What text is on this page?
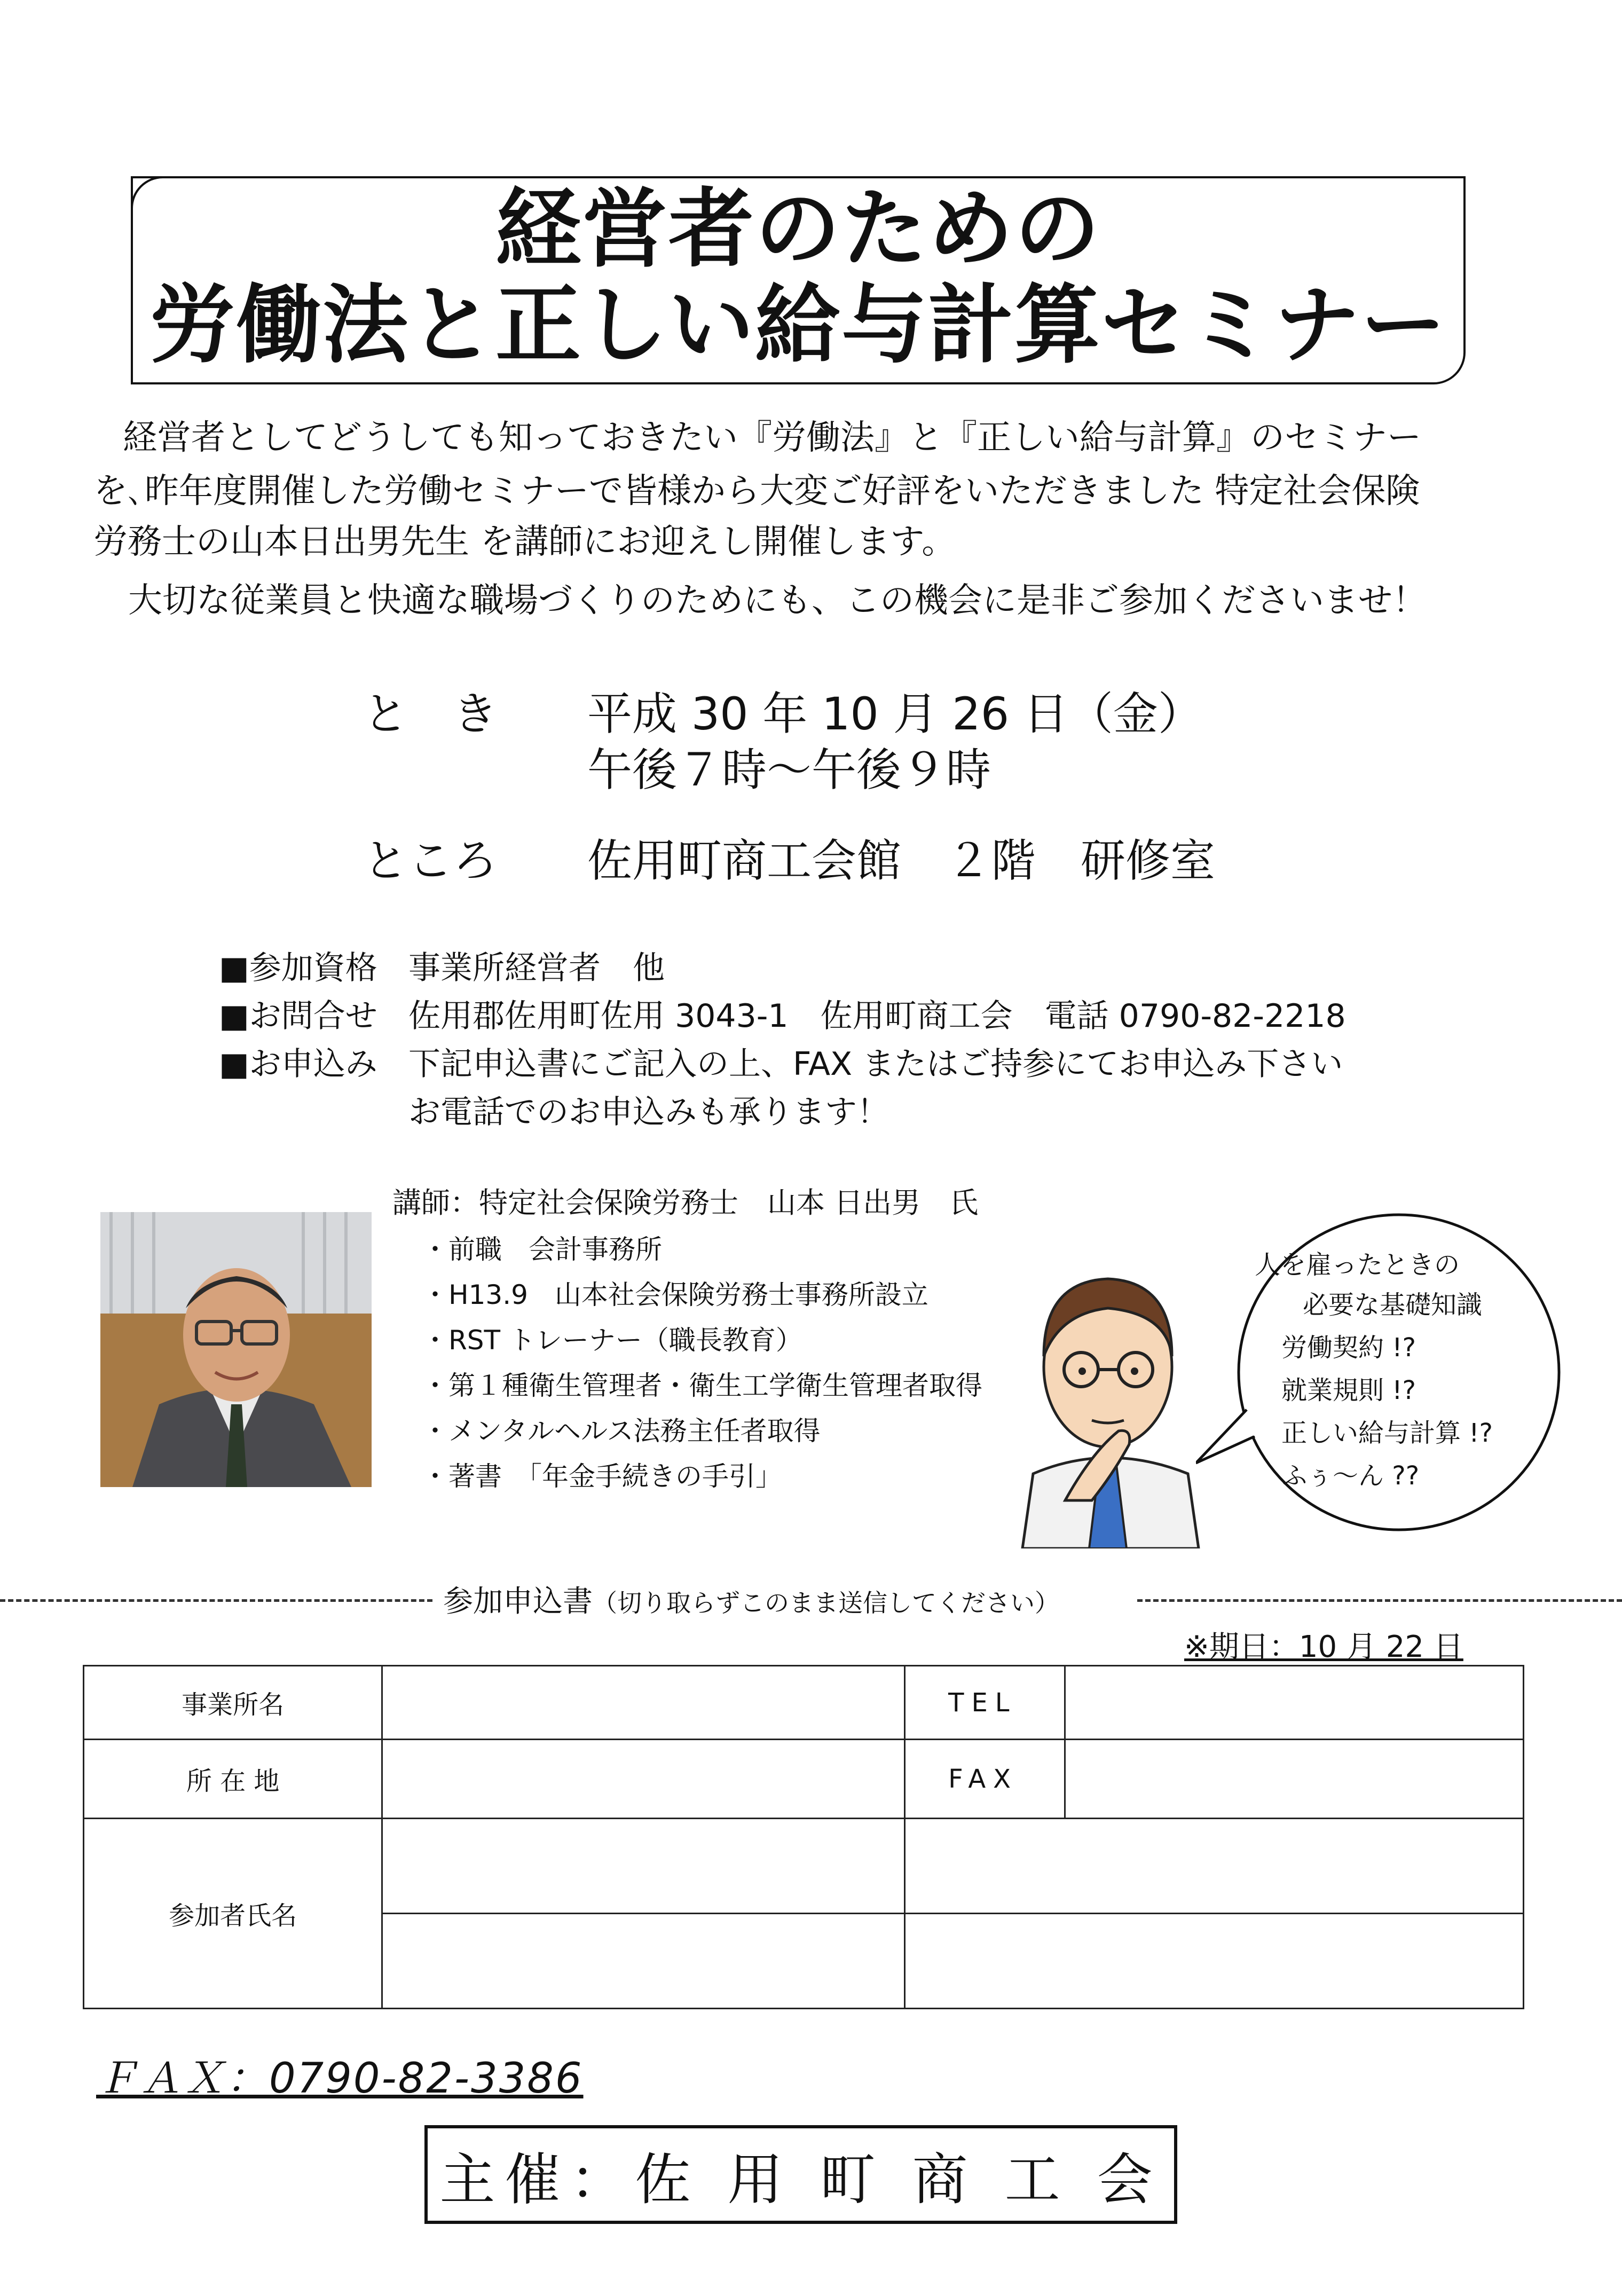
経営者のための
労働法と正しい給与計算セミナー
経営者としてどうしても知っておきたい『労働法』と『正しい給与計算』のセミナー
を､昨年度開催した労働セミナーで皆様から大変ご好評をいただきました 特定社会保険
労務士の山本日出男先生 を講師にお迎えし開催します。
大切な従業員と快適な職場づくりのためにも、この機会に是非ご参加くださいませ！
と　き 平成 30 年 10 月 26 日（金）
午後７時～午後９時
ところ 佐用町商工会館　２階　研修室
■参加資格 事業所経営者　他
■お問合せ 佐用郡佐用町佐用 3043-1　佐用町商工会　電話 0790-82-2218
■お申込み 下記申込書にご記入の上、FAX またはご持参にてお申込み下さい
お電話でのお申込みも承ります！
講師：特定社会保険労務士　山本 日出男　氏
・前職　会計事務所
・H13.9　山本社会保険労務士事務所設立
・RST トレーナー（職長教育）
・第１種衛生管理者・衛生工学衛生管理者取得
・メンタルヘルス法務主任者取得
・著書　「年金手続きの手引」
人を雇ったときの
必要な基礎知識
労働契約 !?
就業規則 !?
正しい給与計算 !?
ふぅ～ん ??
参加申込書（切り取らずこのまま送信してください）
※期日：10 月 22 日
事業所名		TEL	
所 在 地		FAX	
参加者氏名			

ＦＡＸ：0790-82-3386
主催：佐 用 町 商 工 会
